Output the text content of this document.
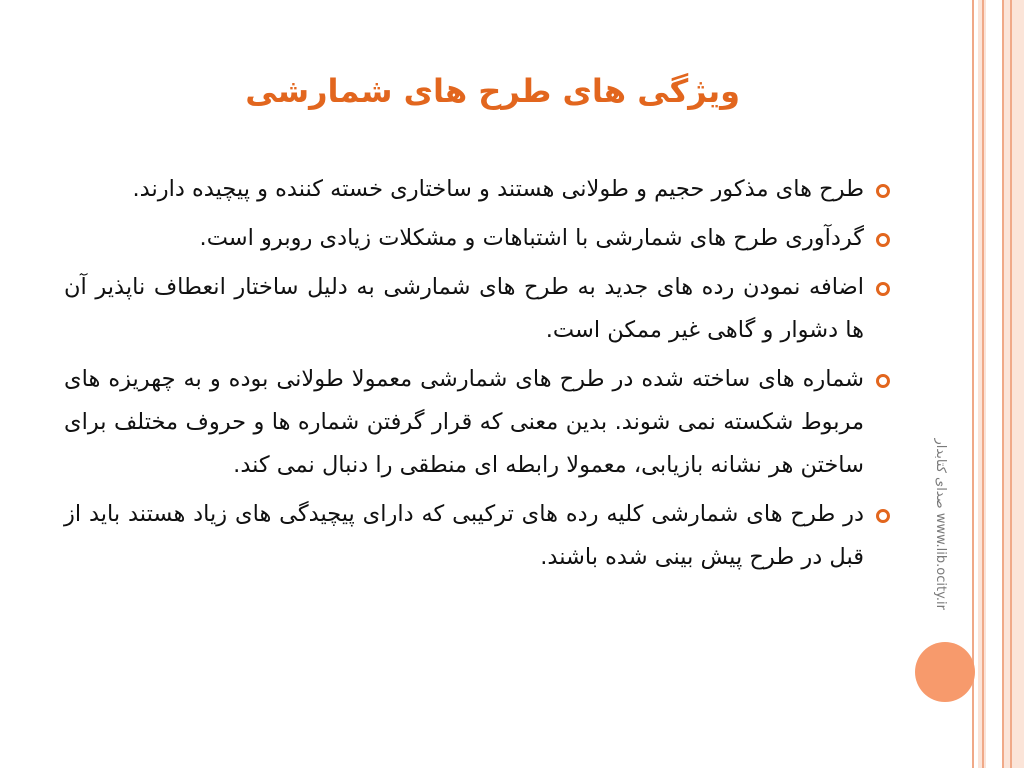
ویژگی های طرح های شمارشی
طرح های مذکور حجیم و طولانی هستند و ساختاری خسته کننده و پیچیده دارند.
گردآوری طرح های شمارشی با اشتباهات و مشکلات زیادی روبرو است.
اضافه نمودن رده های جدید به طرح های شمارشی به دلیل ساختار انعطاف ناپذیر آن ها دشوار و گاهی غیر ممکن است.
شماره های ساخته شده در طرح های شمارشی معمولا طولانی بوده و به چهریزه های مربوط شکسته نمی شوند. بدین معنی که قرار گرفتن شماره ها و حروف مختلف برای ساختن هر نشانه بازیابی، معمولا رابطه ای منطقی را دنبال نمی کند.
در طرح های شمارشی کلیه رده های ترکیبی که دارای پیچیدگی های زیاد هستند باید از قبل در طرح پیش بینی شده باشند.
www.lib.ocity.ir صدای کتابدار
